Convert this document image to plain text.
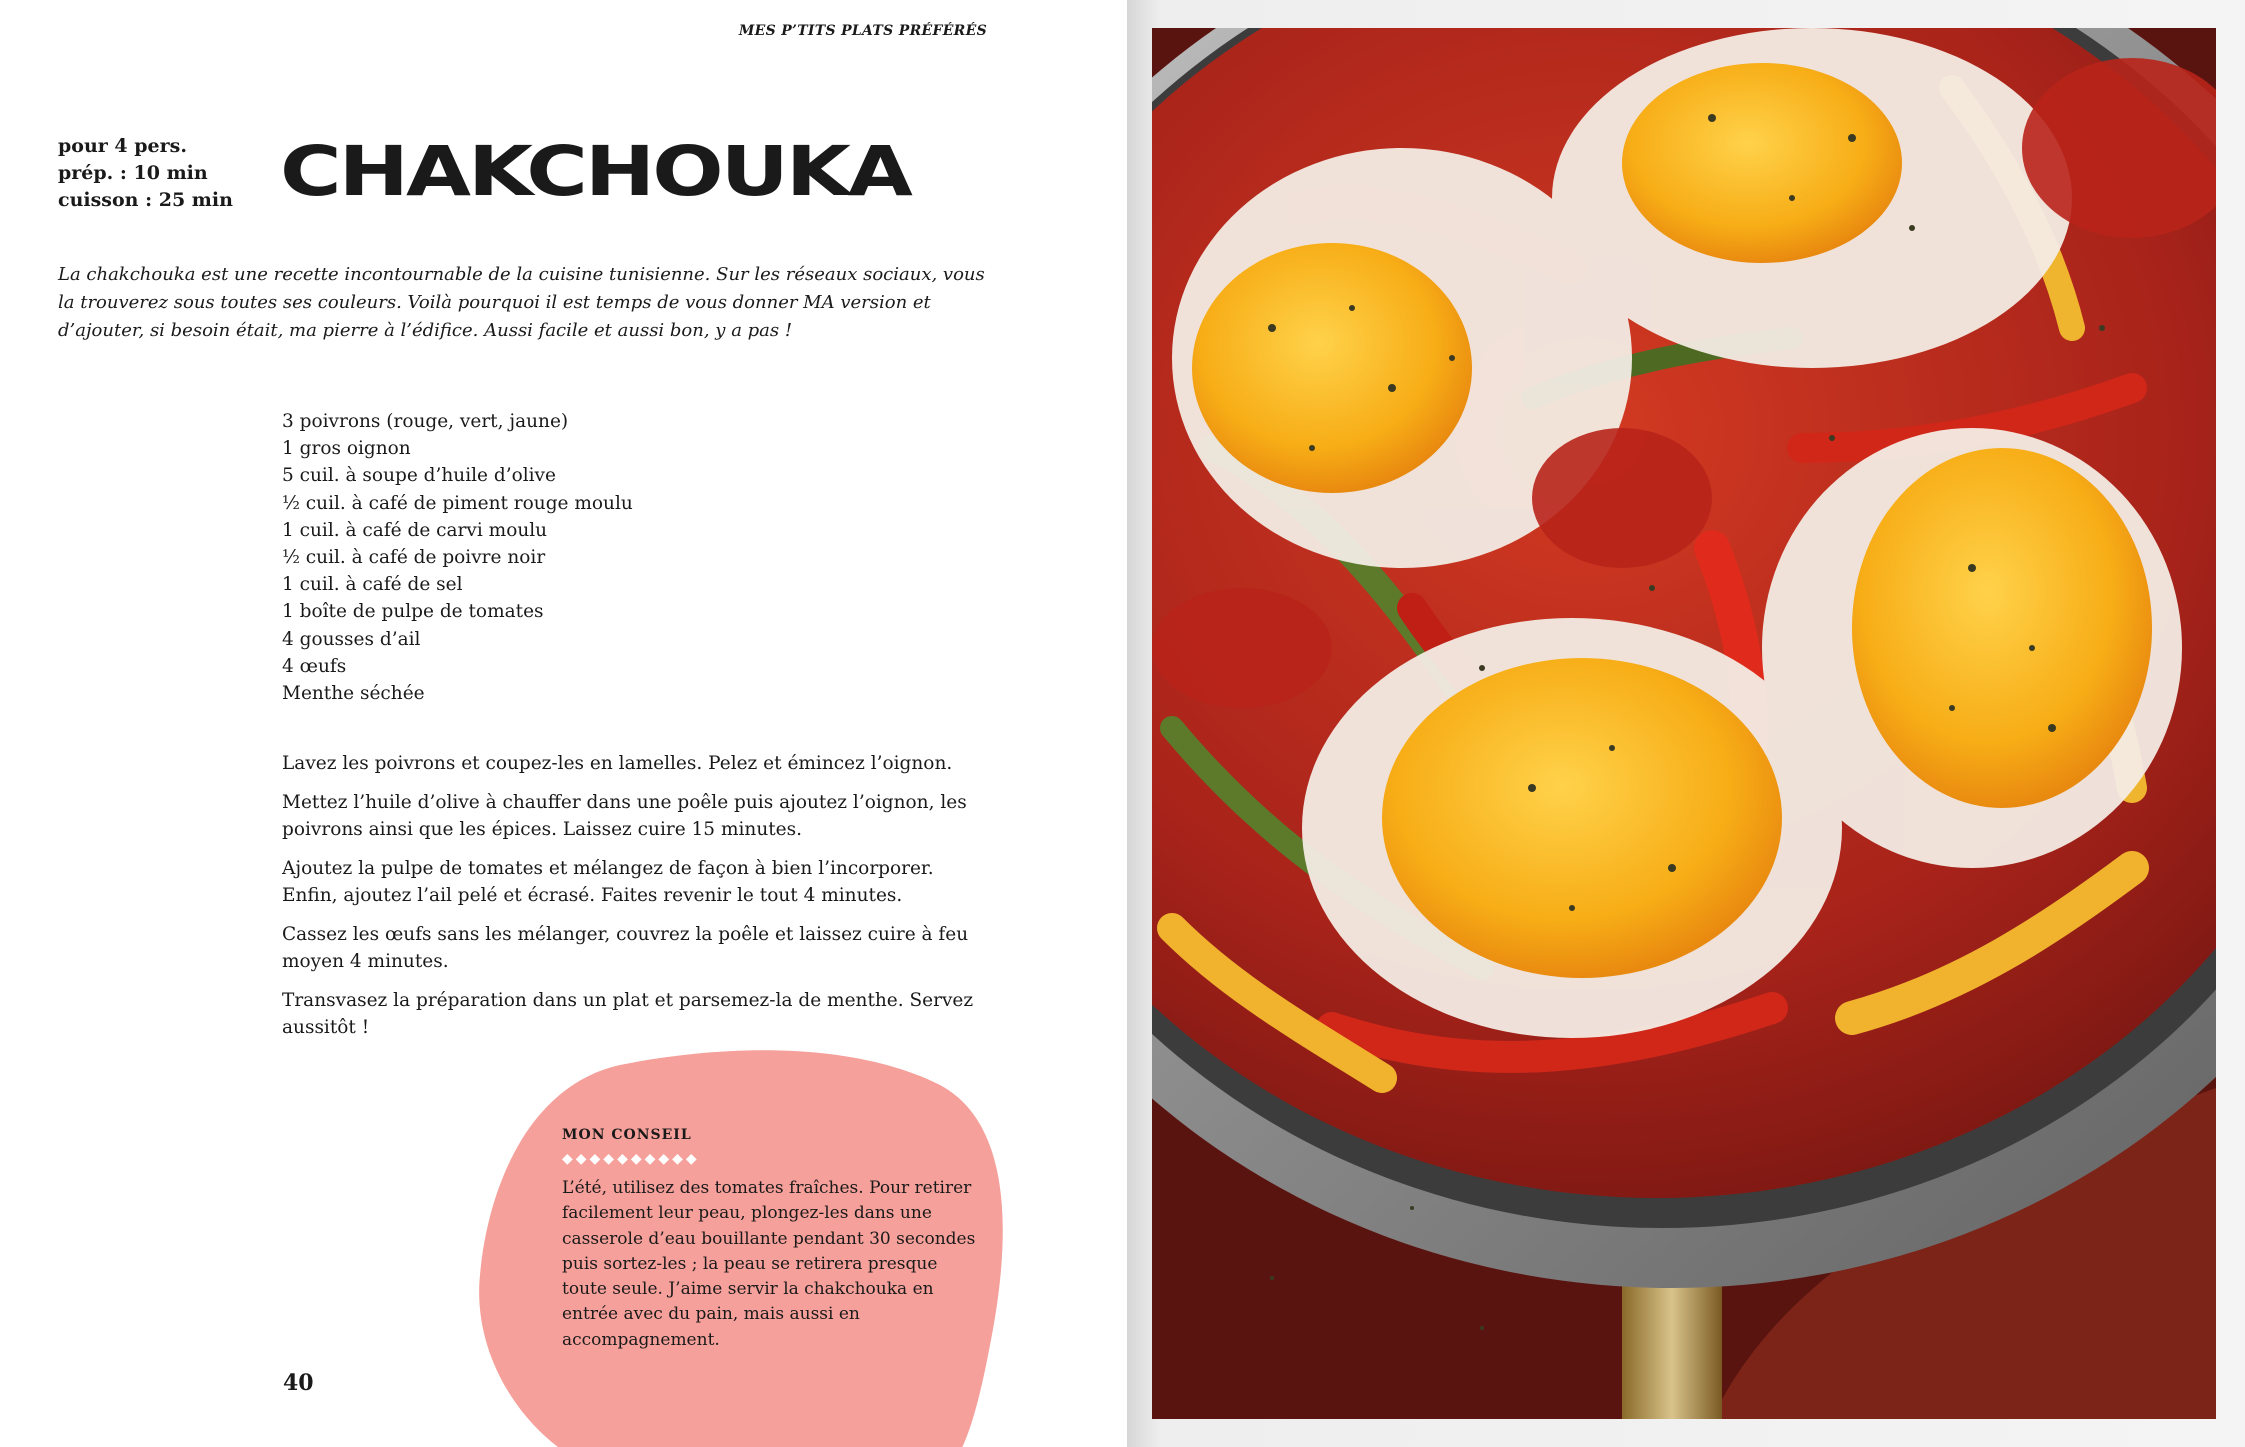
MES P’TITS PLATS PRÉFÉRÉS
pour 4 pers.
prép. : 10 min
cuisson : 25 min CHAKCHOUKA
La chakchouka est une recette incontournable de la cuisine tunisienne. Sur les réseaux sociaux, vous la trouverez sous toutes ses couleurs. Voilà pourquoi il est temps de vous donner MA version et d’ajouter, si besoin était, ma pierre à l’édifice. Aussi facile et aussi bon, y a pas !
3 poivrons (rouge, vert, jaune)
1 gros oignon
5 cuil. à soupe d’huile d’olive
½ cuil. à café de piment rouge moulu
1 cuil. à café de carvi moulu
½ cuil. à café de poivre noir
1 cuil. à café de sel
1 boîte de pulpe de tomates
4 gousses d’ail
4 œufs
Menthe séchée

Lavez les poivrons et coupez-les en lamelles. Pelez et émincez l’oignon.

Mettez l’huile d’olive à chauffer dans une poêle puis ajoutez l’oignon, les poivrons ainsi que les épices. Laissez cuire 15 minutes.

Ajoutez la pulpe de tomates et mélangez de façon à bien l’incorporer. Enfin, ajoutez l’ail pelé et écrasé. Faites revenir le tout 4 minutes.

Cassez les œufs sans les mélanger, couvrez la poêle et laissez cuire à feu moyen 4 minutes.

Transvasez la préparation dans un plat et parsemez-la de menthe. Servez aussitôt !

MON CONSEIL
◆◆◆◆◆◆◆◆◆◆
L’été, utilisez des tomates fraîches. Pour retirer facilement leur peau, plongez-les dans une casserole d’eau bouillante pendant 30 secondes puis sortez-les ; la peau se retirera presque toute seule. J’aime servir la chakchouka en entrée avec du pain, mais aussi en accompagnement.
40
